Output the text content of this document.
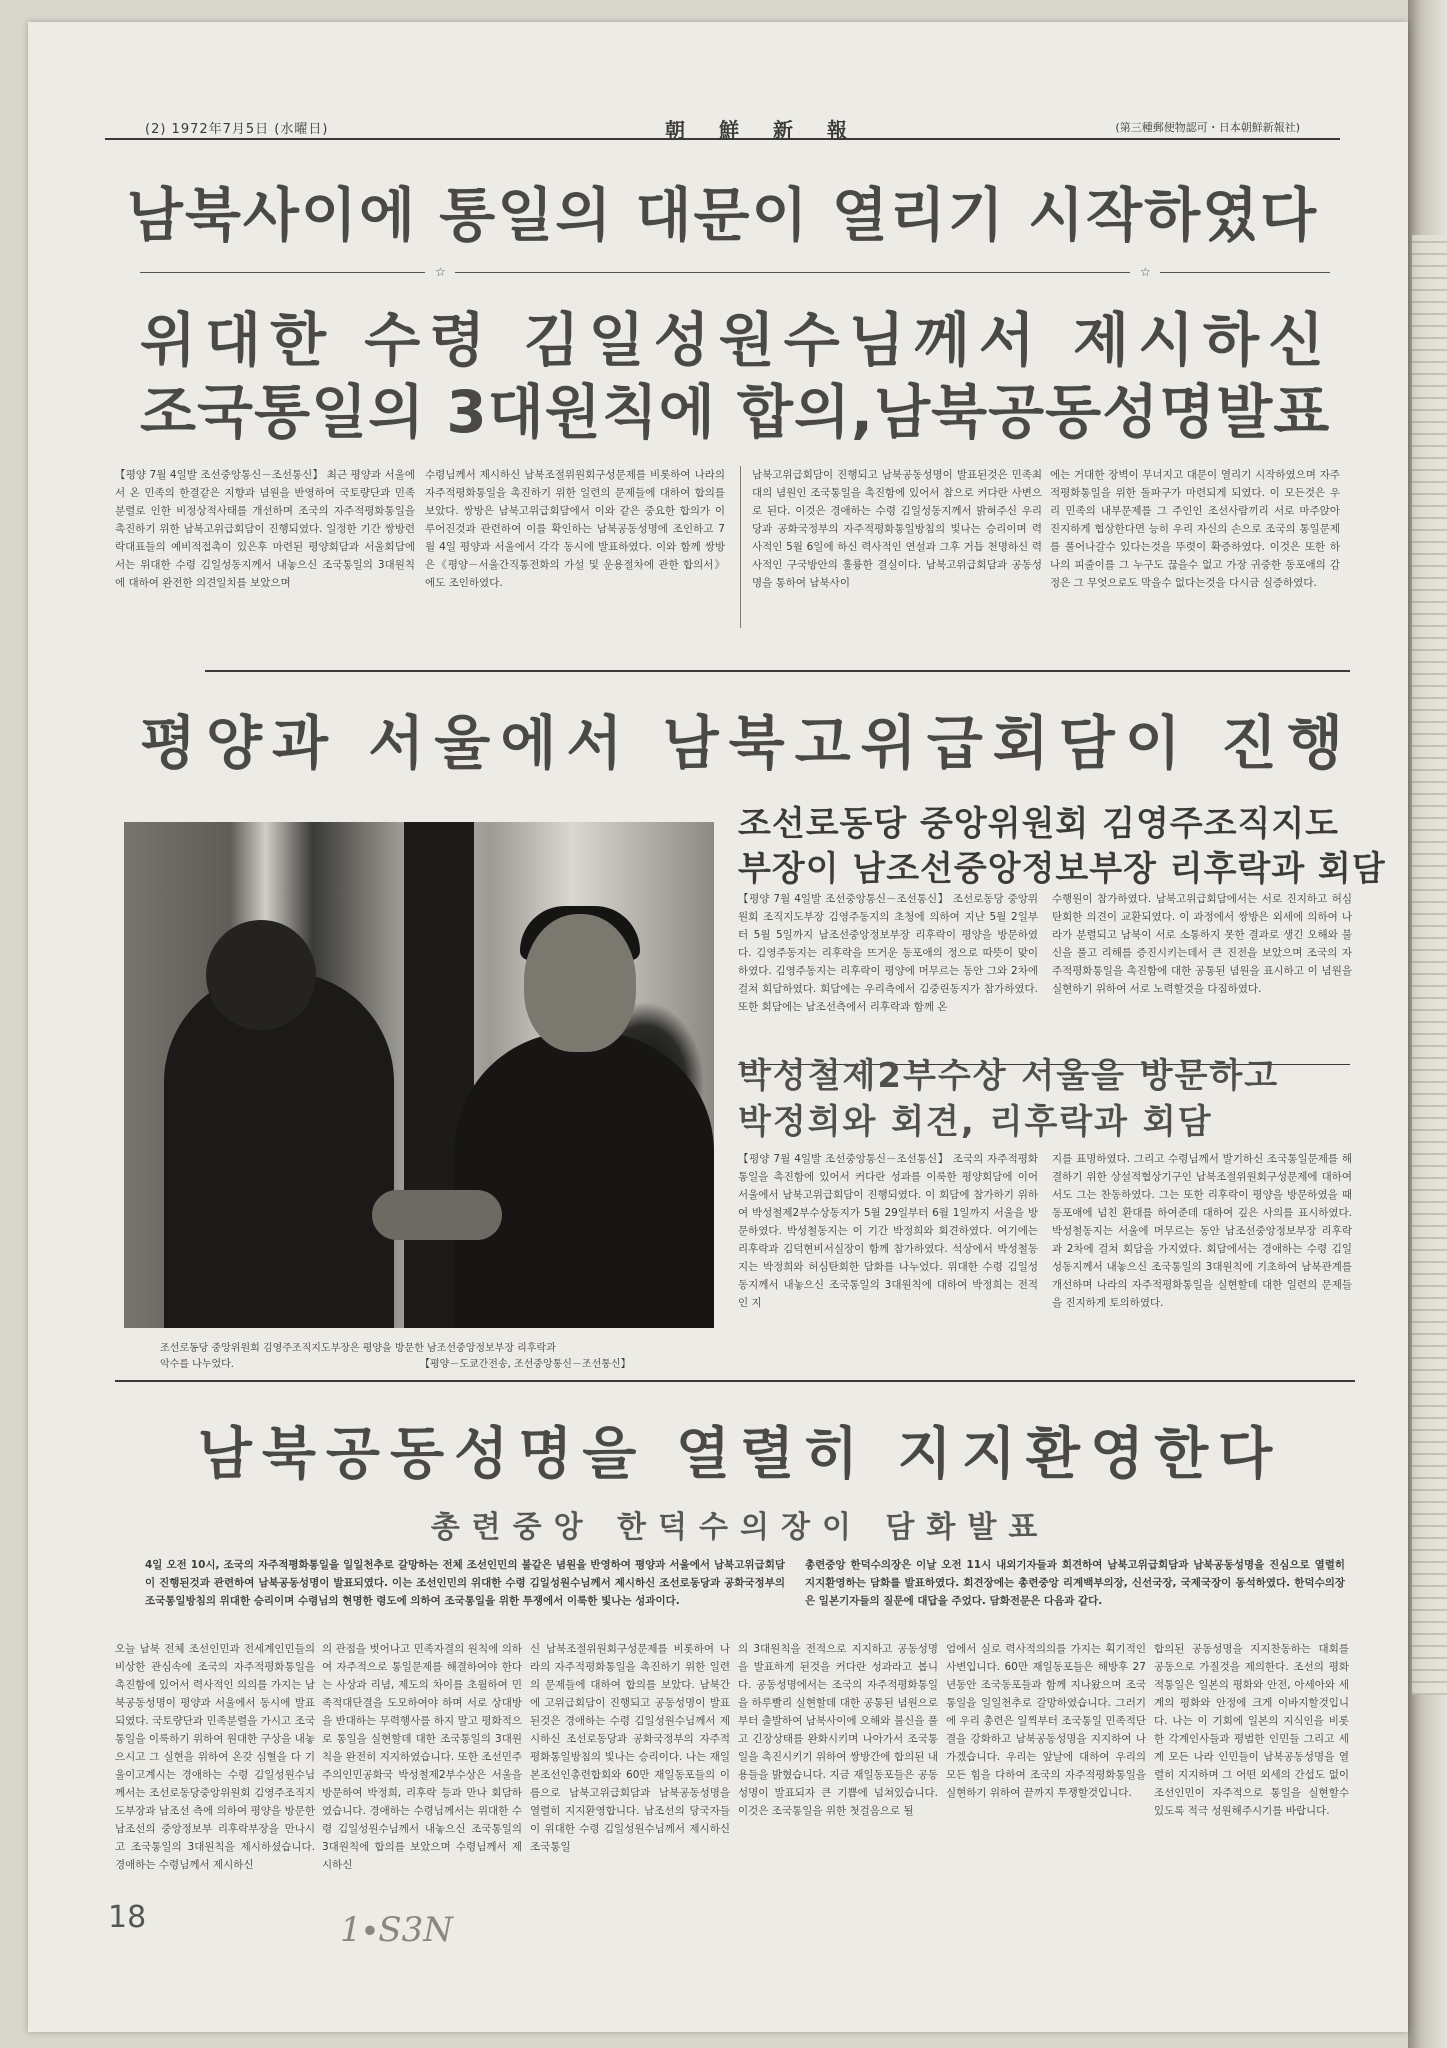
(2) 1972年7月5日 (水曜日)	朝鮮新報	(第三種郵便物認可・日本朝鮮新報社)
남북사이에 통일의 대문이 열리기 시작하였다
☆	☆
위대한 수령 김일성원수님께서 제시하신
조국통일의 3대원칙에 합의,남북공동성명발표
【평양 7월 4일발 조선중앙통신－조선통신】 최근 평양과 서울에서 온 민족의 한결같은 지향과 념원을 반영하여 국토량단과 민족분렬로 인한 비정상적사태를 개선하며 조국의 자주적평화통일을 촉진하기 위한 남북고위급회담이 진행되였다. 일정한 기간 쌍방련락대표들의 예비적접촉이 있은후 마련된 평양회담과 서울회담에서는 위대한 수령 김일성동지께서 내놓으신 조국통일의 3대원칙에 대하여 완전한 의견일치를 보았으며
수령님께서 제시하신 남북조절위원회구성문제를 비롯하여 나라의 자주적평화통일을 촉진하기 위한 일련의 문제들에 대하여 합의를 보았다. 쌍방은 남북고위급회담에서 이와 같은 중요한 합의가 이루어진것과 관련하여 이를 확인하는 남북공동성명에 조인하고 7월 4일 평양과 서울에서 각각 동시에 발표하였다. 이와 함께 쌍방은《평양－서울간직통전화의 가설 및 운용절차에 관한 합의서》에도 조인하였다.
남북고위급회담이 진행되고 남북공동성명이 발표된것은 민족최대의 념원인 조국통일을 촉진함에 있어서 참으로 커다란 사변으로 된다. 이것은 경애하는 수령 김일성동지께서 밝혀주신 우리 당과 공화국정부의 자주적평화통일방침의 빛나는 승리이며 력사적인 5월 6일에 하신 력사적인 연설과 그후 거듭 천명하신 력사적인 구국방안의 훌륭한 결실이다. 남북고위급회담과 공동성명을 통하여 남북사이
에는 거대한 장벽이 무너지고 대문이 열리기 시작하였으며 자주적평화통일을 위한 돌파구가 마련되게 되였다. 이 모든것은 우리 민족의 내부문제를 그 주인인 조선사람끼리 서로 마주앉아 진지하게 협상한다면 능히 우리 자신의 손으로 조국의 통일문제를 풀어나갈수 있다는것을 뚜렷이 확증하였다. 이것은 또한 하나의 피줄이를 그 누구도 끊을수 없고 가장 귀중한 동포애의 감정은 그 무엇으로도 막을수 없다는것을 다시금 실증하였다.
평양과 서울에서 남북고위급회담이 진행
조선로동당 중앙위원회 김영주조직지도부장은 평양을 방문한 남조선중앙정보부장 리후락과
악수를 나누었다.	【평양－도쿄간전송, 조선중앙통신－조선통신】
조선로동당 중앙위원회 김영주조직지도
부장이 남조선중앙정보부장 리후락과 회담
【평양 7월 4일발 조선중앙통신－조선통신】 조선로동당 중앙위원회 조직지도부장 김영주동지의 초청에 의하여 지난 5월 2일부터 5월 5일까지 남조선중앙정보부장 리후락이 평양을 방문하였다. 김영주동지는 리후락을 뜨거운 동포애의 정으로 따뜻이 맞이하였다. 김영주동지는 리후락이 평양에 머무르는 동안 그와 2차에 걸쳐 회담하였다. 회담에는 우리측에서 김중린동지가 참가하였다. 또한 회담에는 남조선측에서 리후락과 함께 온
수행원이 참가하였다. 남북고위급회담에서는 서로 진지하고 허심탄회한 의견이 교환되였다. 이 과정에서 쌍방은 외세에 의하여 나라가 분렬되고 남북이 서로 소통하지 못한 결과로 생긴 오해와 불신을 풀고 리해를 증진시키는데서 큰 진전을 보았으며 조국의 자주적평화통일을 촉진함에 대한 공통된 념원을 표시하고 이 념원을 실현하기 위하여 서로 노력할것을 다짐하였다.
박성철제2부수상 서울을 방문하고
박정희와 회견, 리후락과 회담
【평양 7월 4일발 조선중앙통신－조선통신】 조국의 자주적평화통일을 촉진함에 있어서 커다란 성과를 이룩한 평양회담에 이어 서울에서 남북고위급회담이 진행되였다. 이 회담에 참가하기 위하여 박성철제2부수상동지가 5월 29일부터 6월 1일까지 서울을 방문하였다. 박성철동지는 이 기간 박정희와 회견하였다. 여기에는 리후락과 김덕현비서실장이 함께 참가하였다. 석상에서 박성철동지는 박정희와 허심탄회한 담화를 나누었다. 위대한 수령 김일성동지께서 내놓으신 조국통일의 3대원칙에 대하여 박정희는 전적인 지
지를 표명하였다. 그리고 수령님께서 발기하신 조국통일문제를 해결하기 위한 상설적협상기구인 남북조절위원회구성문제에 대하여서도 그는 찬동하였다. 그는 또한 리후락이 평양을 방문하였을 때 동포애에 넘친 환대를 하여준데 대하여 깊은 사의를 표시하였다. 박성철동지는 서울에 머무르는 동안 남조선중앙정보부장 리후락과 2차에 걸쳐 회담을 가지였다. 회담에서는 경애하는 수령 김일성동지께서 내놓으신 조국통일의 3대원칙에 기초하여 남북관계를 개선하며 나라의 자주적평화통일을 실현할데 대한 일련의 문제들을 진지하게 토의하였다.
남북공동성명을 열렬히 지지환영한다
총련중앙 한덕수의장이 담화발표
4일 오전 10시, 조국의 자주적평화통일을 일일천추로 갈망하는 전체 조선인민의 불같은 념원을 반영하여 평양과 서울에서 남북고위급회담이 진행된것과 관련하여 남북공동성명이 발표되였다. 이는 조선인민의 위대한 수령 김일성원수님께서 제시하신 조선로동당과 공화국정부의 조국통일방침의 위대한 승리이며 수령님의 현명한 령도에 의하여 조국통일을 위한 투쟁에서 이룩한 빛나는 성과이다.
총련중앙 한덕수의장은 이날 오전 11시 내외기자들과 회견하여 남북고위급회담과 남북공동성명을 진심으로 열렬히 지지환영하는 담화를 발표하였다. 회견장에는 총련중앙 리계백부의장, 신선국장, 국제국장이 동석하였다. 한덕수의장은 일본기자들의 질문에 대답을 주었다. 담화전문은 다음과 같다.
오늘 남북 전체 조선인민과 전세계인민들의 비상한 관심속에 조국의 자주적평화통일을 촉진함에 있어서 력사적인 의의를 가지는 남북공동성명이 평양과 서울에서 동시에 발표되였다. 국토량단과 민족분렬을 가시고 조국통일을 이룩하기 위하여 원대한 구상을 내놓으시고 그 실현을 위하여 온갖 심혈을 다 기울이고계시는 경애하는 수령 김일성원수님께서는 조선로동당중앙위원회 김영주조직지도부장과 남조선 측에 의하여 평양을 방문한 남조선의 중앙정보부 리후락부장을 만나시고 조국통일의 3대원칙을 제시하셨습니다. 경애하는 수령님께서 제시하신
의 관점을 벗어나고 민족자결의 원칙에 의하여 자주적으로 통일문제를 해결하여야 한다는 사상과 리념, 제도의 차이를 초월하여 민족적대단결을 도모하여야 하며 서로 상대방을 반대하는 무력행사를 하지 말고 평화적으로 통일을 실현할데 대한 조국통일의 3대원칙을 완전히 지지하였습니다. 또한 조선민주주의인민공화국 박성철제2부수상은 서울을 방문하여 박정희, 리후락 등과 만나 회담하였습니다. 경애하는 수령님께서는 위대한 수령 김일성원수님께서 내놓으신 조국통일의 3대원칙에 합의를 보았으며 수령님께서 제시하신
신 남북조절위원회구성문제를 비롯하여 나라의 자주적평화통일을 촉진하기 위한 일련의 문제들에 대하여 합의를 보았다. 남북간에 고위급회담이 진행되고 공동성명이 발표된것은 경애하는 수령 김일성원수님께서 제시하신 조선로동당과 공화국정부의 자주적평화통일방침의 빛나는 승리이다. 나는 재일본조선인총련합회와 60만 재일동포들의 이름으로 남북고위급회담과 남북공동성명을 열렬히 지지환영합니다. 남조선의 당국자들이 위대한 수령 김일성원수님께서 제시하신 조국통일
의 3대원칙을 전적으로 지지하고 공동성명을 발표하게 된것을 커다란 성과라고 봅니다. 공동성명에서는 조국의 자주적평화통일을 하루빨리 실현할데 대한 공통된 념원으로부터 출발하여 남북사이에 오해와 불신을 풀고 긴장상태를 완화시키며 나아가서 조국통일을 촉진시키기 위하여 쌍방간에 합의된 내용들을 밝혔습니다. 지금 재일동포들은 공동성명이 발표되자 큰 기쁨에 넘쳐있습니다. 이것은 조국통일을 위한 첫걸음으로 될
엄에서 실로 력사적의의를 가지는 획기적인 사변입니다. 60만 재일동포들은 해방후 27년동안 조국동포들과 함께 지나왔으며 조국통일을 일일천추로 갈망하였습니다. 그러기에 우리 총련은 일찍부터 조국통일 민족적단결을 강화하고 남북공동성명을 지지하여 나가겠습니다. 우리는 앞날에 대하여 우리의 모든 힘을 다하여 조국의 자주적평화통일을 실현하기 위하여 끝까지 투쟁할것입니다.
합의된 공동성명을 지지찬동하는 대회를 공동으로 가질것을 제의한다. 조선의 평화적통일은 일본의 평화와 안전, 아세아와 세계의 평화와 안정에 크게 이바지할것입니다. 나는 이 기회에 일본의 지식인을 비롯한 각계인사들과 평범한 인민들 그리고 세계 모든 나라 인민들이 남북공동성명을 열렬히 지지하며 그 어떤 외세의 간섭도 없이 조선인민이 자주적으로 통일을 실현할수 있도록 적극 성원해주시기를 바랍니다.
18	1∙S3N
